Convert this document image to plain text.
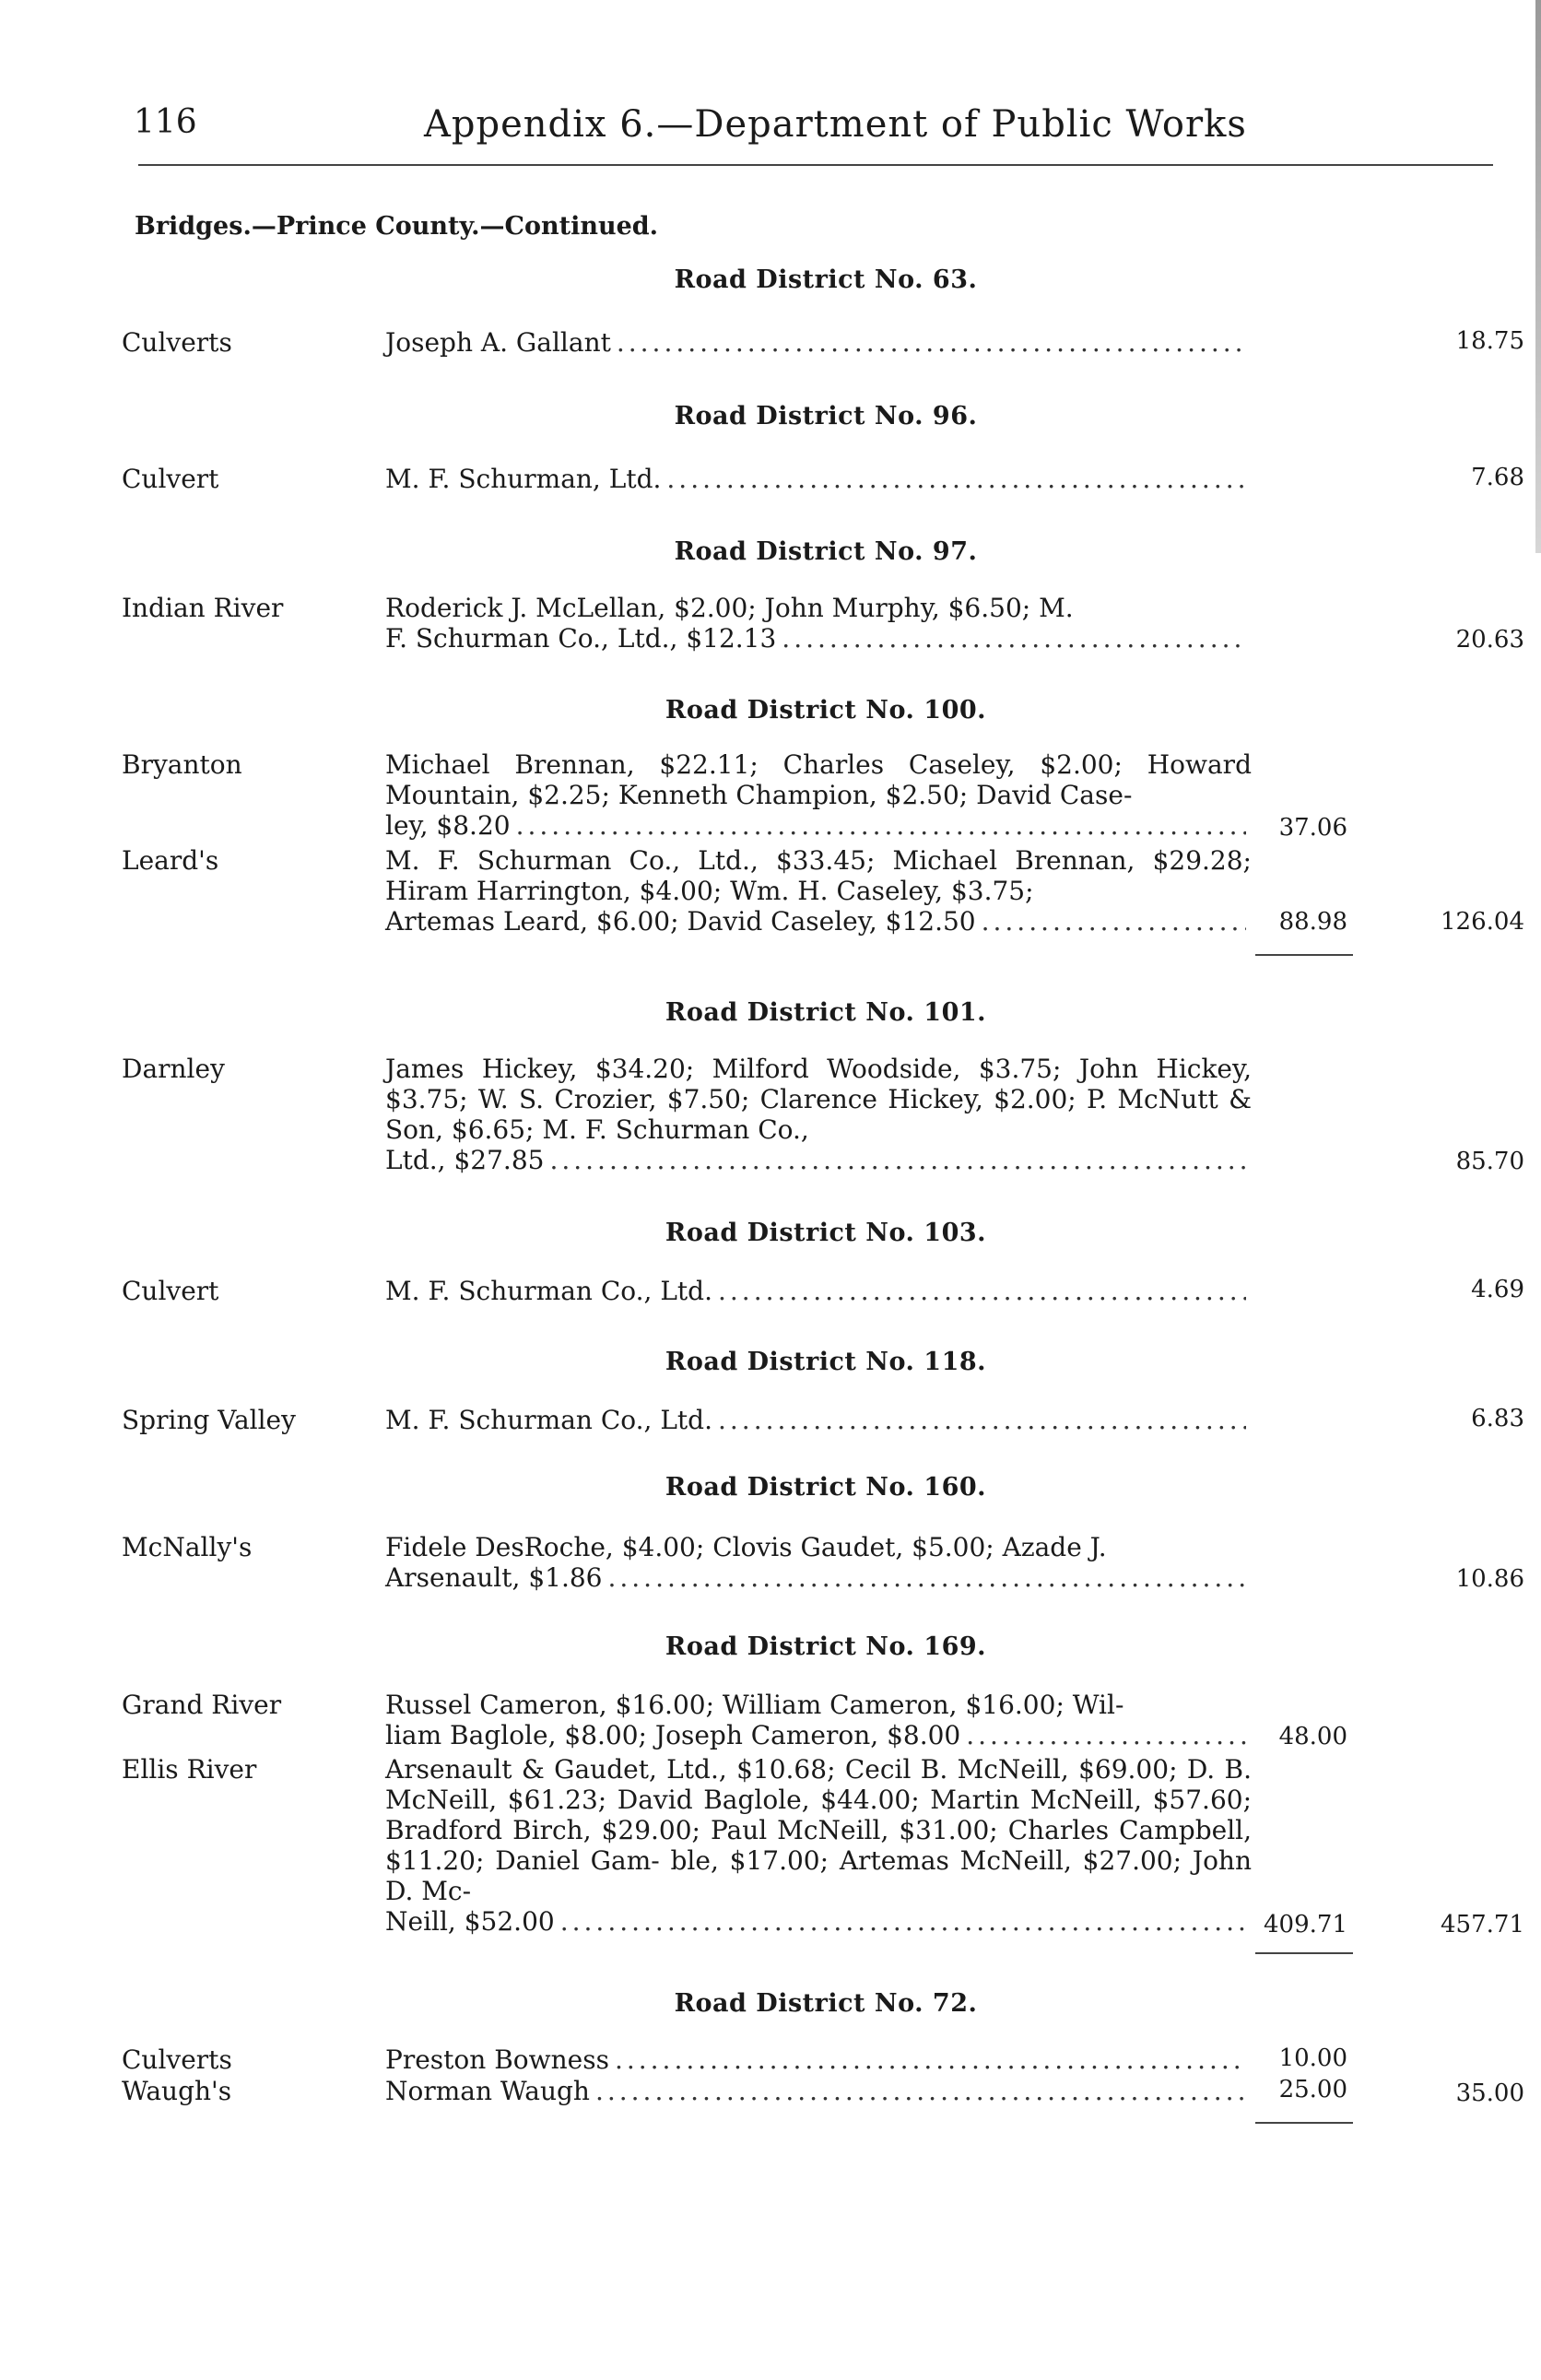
116	Appendix 6.—Department of Public Works
Bridges.—Prince County.—Continued.
Road District No. 63.
Culverts	Joseph A. Gallant .....	18.75
Road District No. 96.
Culvert	M. F. Schurman, Ltd. .....	7.68
Road District No. 97.
Indian River	Roderick J. McLellan, $2.00; John Murphy, $6.50; M.
F. Schurman Co., Ltd., $12.13 .....	20.63
Road District No. 100.
Bryanton	Michael Brennan, $22.11; Charles Caseley, $2.00; Howard Mountain, $2.25; Kenneth Champion, $2.50; David Case-
ley, $8.20 .....	37.06
Leard's	M. F. Schurman Co., Ltd., $33.45; Michael Brennan, $29.28; Hiram Harrington, $4.00; Wm. H. Caseley, $3.75;
Artemas Leard, $6.00; David Caseley, $12.50 .....	88.98	126.04
Road District No. 101.
Darnley	James Hickey, $34.20; Milford Woodside, $3.75; John Hickey, $3.75; W. S. Crozier, $7.50; Clarence Hickey, $2.00; P. McNutt & Son, $6.65; M. F. Schurman Co.,
Ltd., $27.85 .....	85.70
Road District No. 103.
Culvert	M. F. Schurman Co., Ltd. .....	4.69
Road District No. 118.
Spring Valley	M. F. Schurman Co., Ltd. .....	6.83
Road District No. 160.
McNally's	Fidele DesRoche, $4.00; Clovis Gaudet, $5.00; Azade J.
Arsenault, $1.86 .....	10.86
Road District No. 169.
Grand River	Russel Cameron, $16.00; William Cameron, $16.00; Wil-
liam Baglole, $8.00; Joseph Cameron, $8.00 .....	48.00
Ellis River	Arsenault & Gaudet, Ltd., $10.68; Cecil B. McNeill, $69.00; D. B. McNeill, $61.23; David Baglole, $44.00; Martin McNeill, $57.60; Bradford Birch, $29.00; Paul McNeill, $31.00; Charles Campbell, $11.20; Daniel Gam- ble, $17.00; Artemas McNeill, $27.00; John D. Mc-
Neill, $52.00 .....	409.71	457.71
Road District No. 72.
Culverts	Preston Bowness .....	10.00
Waugh's	Norman Waugh .....	25.00	35.00
